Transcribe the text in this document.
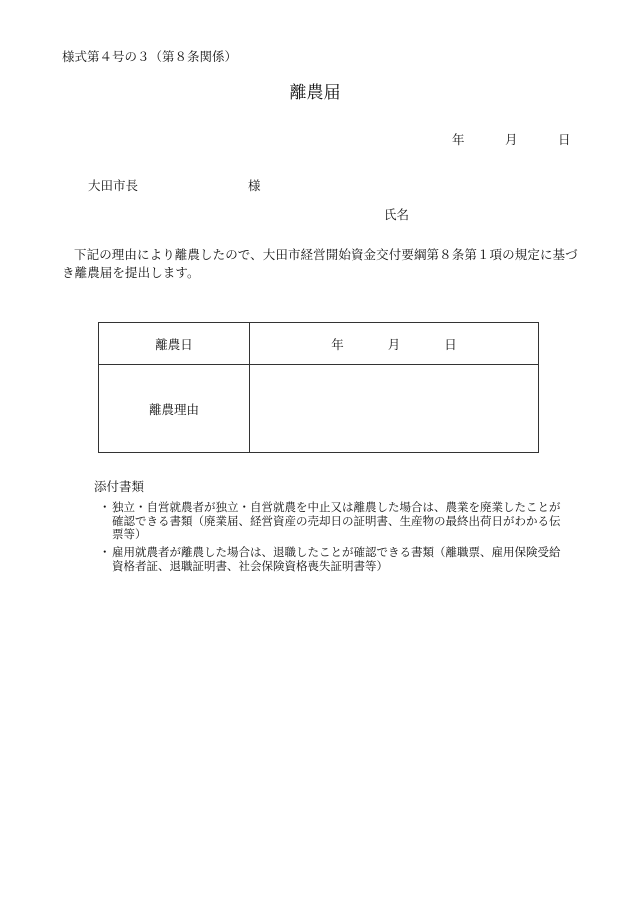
様式第４号の３（第８条関係）
離農届
年	月	日
大田市長	様
氏名
下記の理由により離農したので、大田市経営開始資金交付要綱第８条第１項の規定に基づき離農届を提出します。
離農日	年 月 日

離農理由	
添付書類
・ 独立・自営就農者が独立・自営就農を中止又は離農した場合は、農業を廃業したことが確認できる書類（廃業届、経営資産の売却日の証明書、生産物の最終出荷日がわかる伝票等）
・ 雇用就農者が離農した場合は、退職したことが確認できる書類（離職票、雇用保険受給資格者証、退職証明書、社会保険資格喪失証明書等）
